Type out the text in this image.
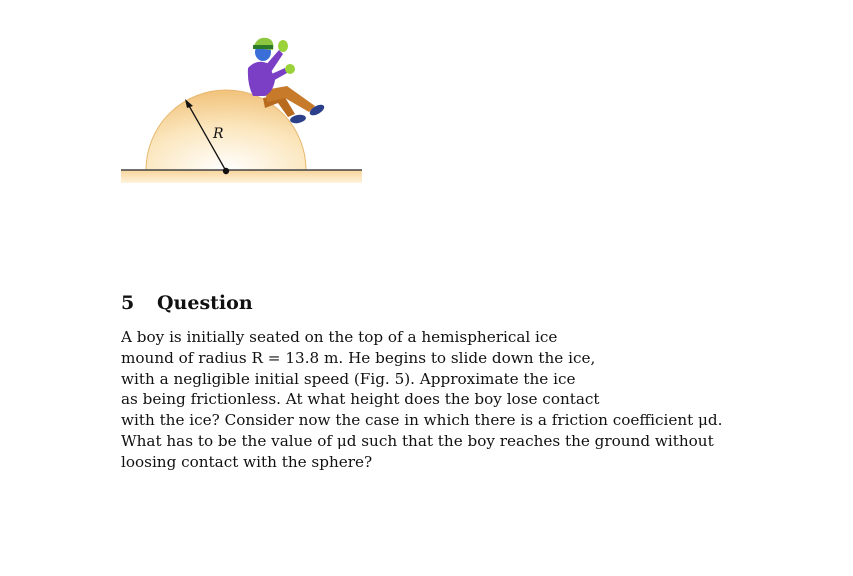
R
5 Question
A boy is initially seated on the top of a hemispherical ice
mound of radius R = 13.8 m. He begins to slide down the ice,
with a negligible initial speed (Fig. 5). Approximate the ice
as being frictionless. At what height does the boy lose contact
with the ice? Consider now the case in which there is a friction coefficient μd.
What has to be the value of μd such that the boy reaches the ground without
loosing contact with the sphere?
